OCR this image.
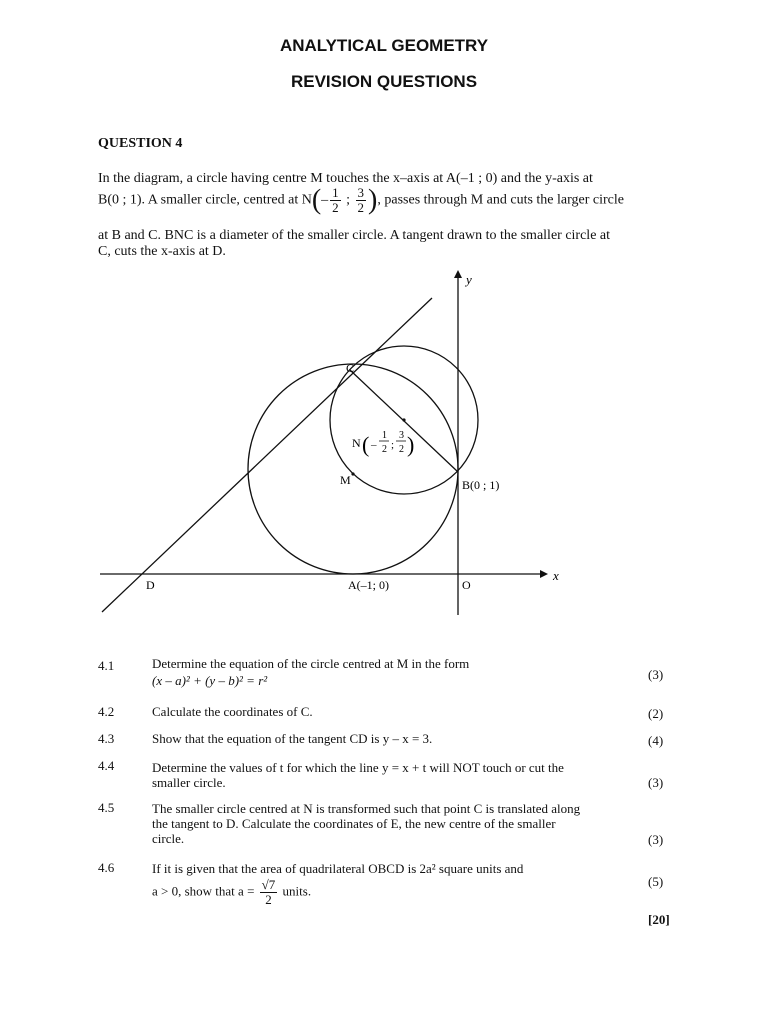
ANALYTICAL GEOMETRY
REVISION QUESTIONS
QUESTION 4
In the diagram, a circle having centre M touches the x–axis at A(–1 ; 0) and the y-axis at
B(0 ; 1). A smaller circle, centred at $N(- \frac{1}{2}$ ; $\frac{3}{2}$ ), passes through M and cuts the larger circle
at B and C. BNC is a diameter of the smaller circle. A tangent drawn to the smaller circle at
C, cuts the x-axis at D.
y
x
C
M	B(0 ; 1)
D	A(–1; 0)	O
N ( –
1
2 ;
3
2 )
4.1	Determine the equation of the circle centred at M in the form
(x – a)² + (y – b)² = r²	(3)
4.2	Calculate the coordinates of C.	(2)
4.3	Show that the equation of the tangent CD is y – x = 3.	(4)
4.4	Determine the values of t for which the line y = x + t will NOT touch or cut the
smaller circle.	(3)
4.5	The smaller circle centred at N is transformed such that point C is translated along
the tangent to D. Calculate the coordinates of E, the new centre of the smaller
circle.	(3)
4.6	If it is given that the area of quadrilateral OBCD is 2a² square units and
a > 0, show that $a = \frac{√7}{2}$ units.
(5)
[20]
